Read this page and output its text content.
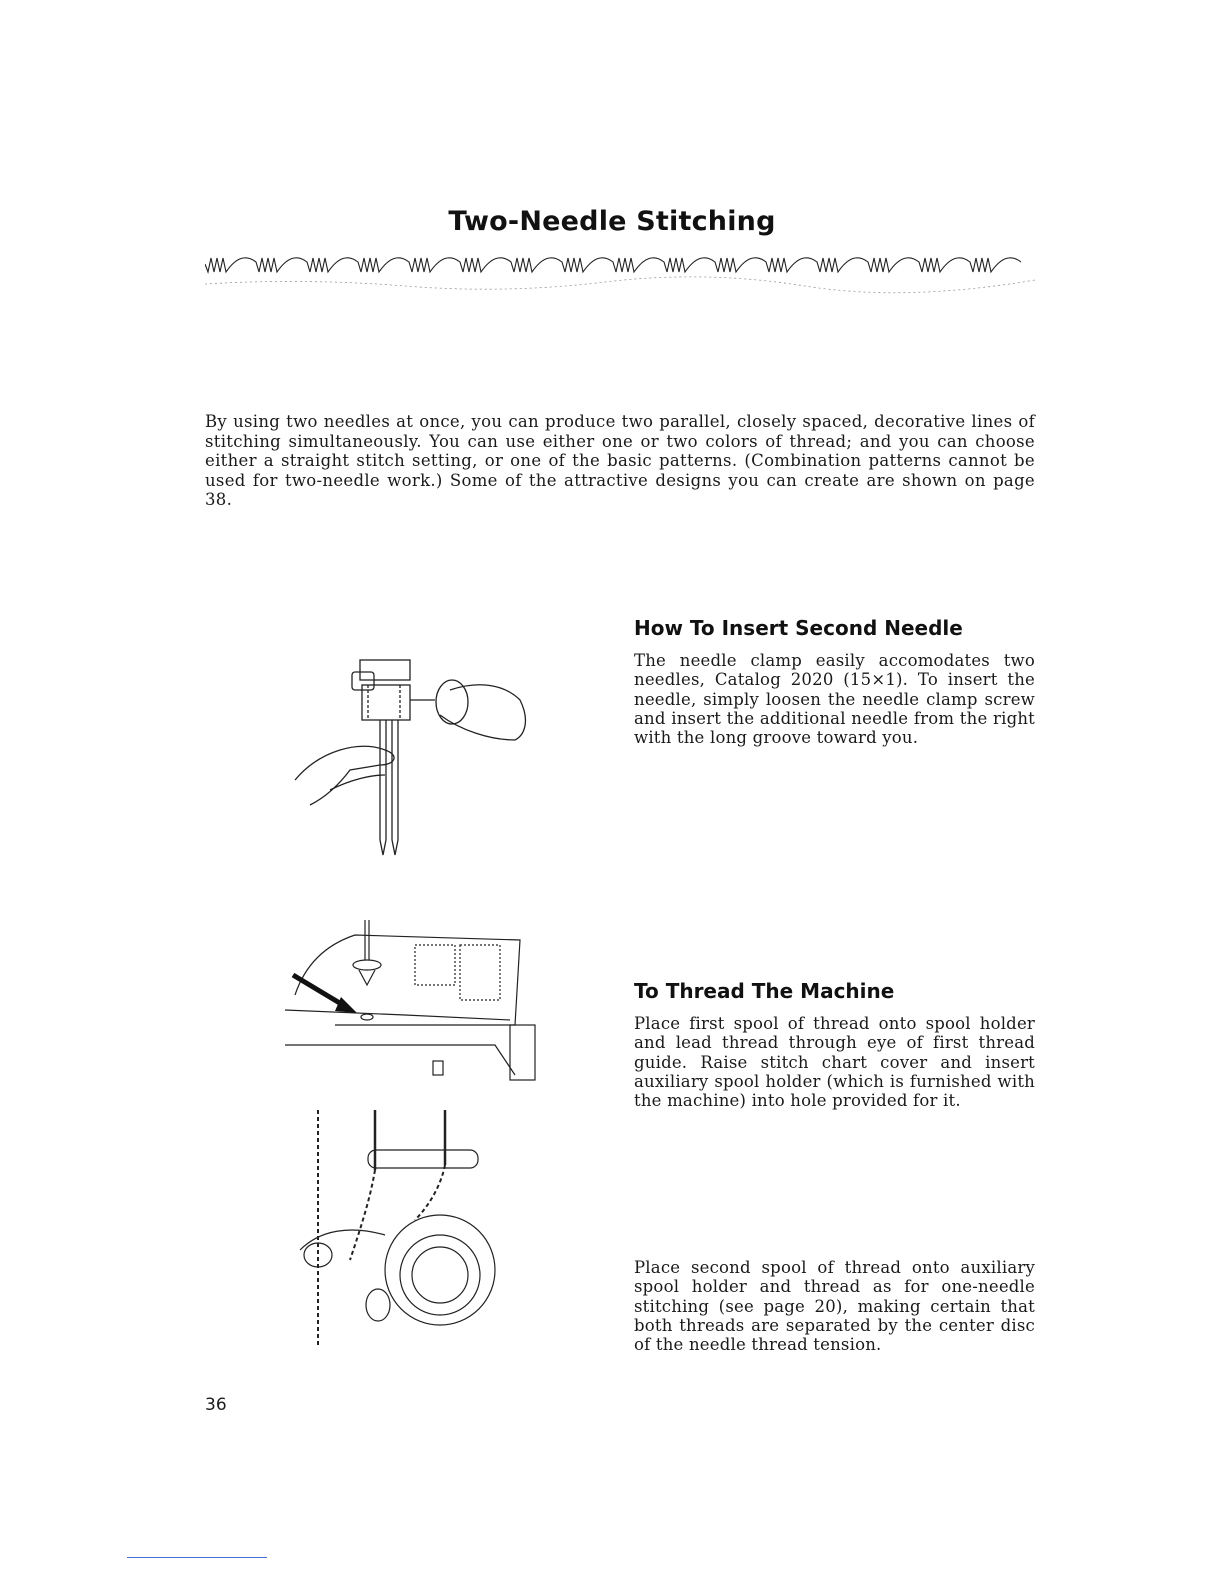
Two-Needle Stitching
By using two needles at once, you can produce two parallel, closely spaced, decorative lines of stitching simultaneously. You can use either one or two colors of thread; and you can choose either a straight stitch setting, or one of the basic patterns. (Combination patterns cannot be used for two-needle work.) Some of the attractive designs you can create are shown on page 38.
How To Insert Second Needle
The needle clamp easily accomodates two needles, Catalog 2020 (15×1). To insert the needle, simply loosen the needle clamp screw and insert the additional needle from the right with the long groove toward you.
To Thread The Machine
Place first spool of thread onto spool holder and lead thread through eye of first thread guide. Raise stitch chart cover and insert auxiliary spool holder (which is furnished with the machine) into hole provided for it.
Place second spool of thread onto auxiliary spool holder and thread as for one-needle stitching (see page 20), making certain that both threads are separated by the center disc of the needle thread tension.
36
